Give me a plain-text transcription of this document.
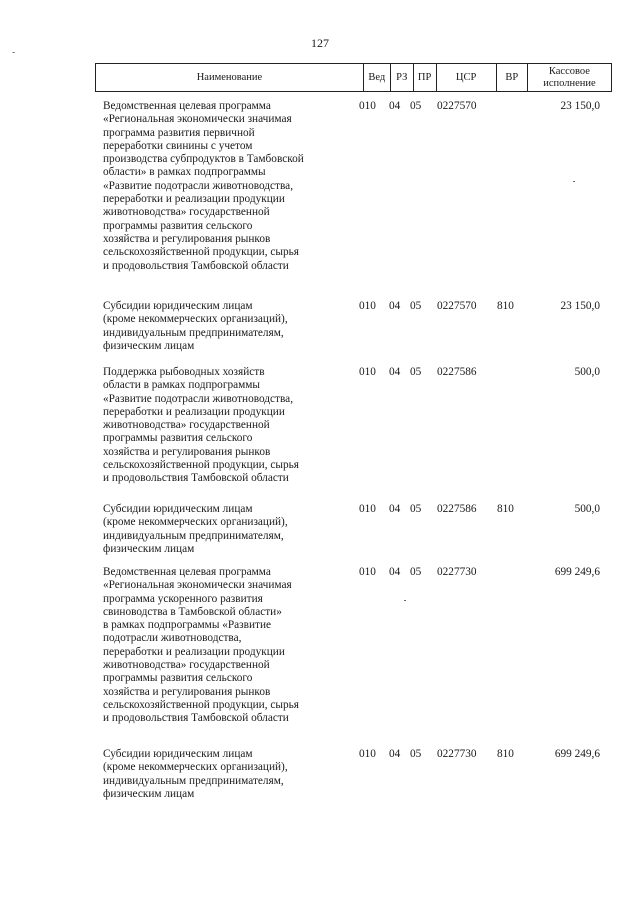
127
-
Наименование	Вед	РЗ	ПР	ЦСР	ВР	Кассовое
исполнение
Ведомственная целевая программа
«Региональная экономически значимая
программа развития первичной
переработки свинины с учетом
производства субпродуктов в Тамбовской
области» в рамках подпрограммы
«Развитие подотрасли животноводства,
переработки и реализации продукции
животноводства» государственной
программы развития сельского
хозяйства и регулирования рынков
сельскохозяйственной продукции, сырья
и продовольствия Тамбовской области
010 04 05 0227570	23 150,0
Субсидии юридическим лицам
(кроме некоммерческих организаций),
индивидуальным предпринимателям,
физическим лицам
010 04 05 0227570 810	23 150,0
Поддержка рыбоводных хозяйств
области в рамках подпрограммы
«Развитие подотрасли животноводства,
переработки и реализации продукции
животноводства» государственной
программы развития сельского
хозяйства и регулирования рынков
сельскохозяйственной продукции, сырья
и продовольствия Тамбовской области
010 04 05 0227586	500,0
Субсидии юридическим лицам
(кроме некоммерческих организаций),
индивидуальным предпринимателям,
физическим лицам
010 04 05 0227586 810	500,0
Ведомственная целевая программа
«Региональная экономически значимая
программа ускоренного развития
свиноводства в Тамбовской области»
в рамках подпрограммы «Развитие
подотрасли животноводства,
переработки и реализации продукции
животноводства» государственной
программы развития сельского
хозяйства и регулирования рынков
сельскохозяйственной продукции, сырья
и продовольствия Тамбовской области
010 04 05 0227730	699 249,6
Субсидии юридическим лицам
(кроме некоммерческих организаций),
индивидуальным предпринимателям,
физическим лицам
010 04 05 0227730 810	699 249,6
